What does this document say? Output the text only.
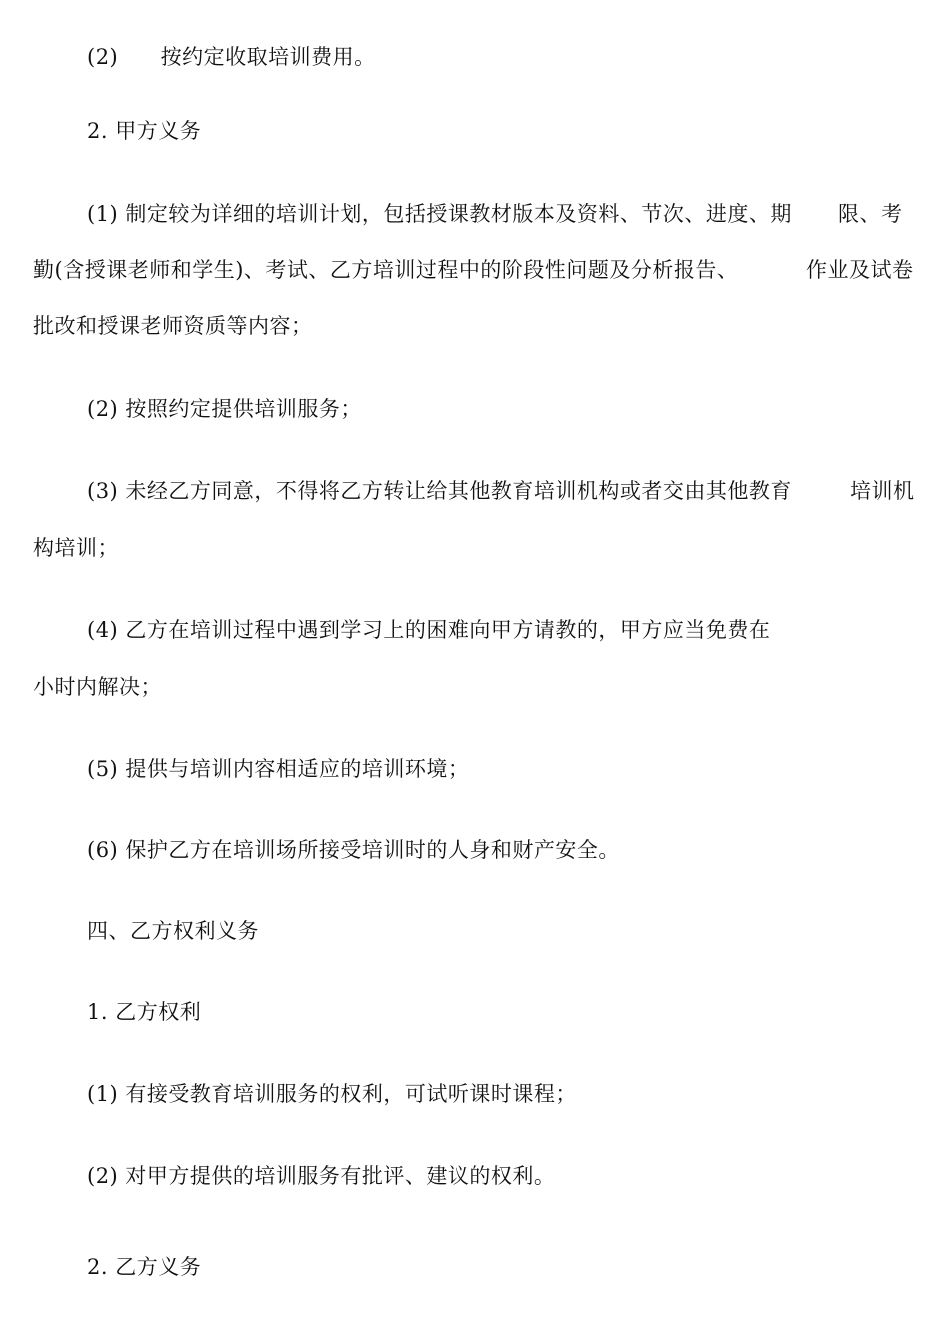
(2) 按约定收取培训费用。
2. 甲方义务
(1) 制定较为详细的培训计划，包括授课教材版本及资料、节次、进度、期	限、考
勤(含授课老师和学生)、考试、乙方培训过程中的阶段性问题及分析报告、	作业及试卷
批改和授课老师资质等内容；
(2) 按照约定提供培训服务；
(3) 未经乙方同意，不得将乙方转让给其他教育培训机构或者交由其他教育	培训机
构培训；
(4) 乙方在培训过程中遇到学习上的困难向甲方请教的，甲方应当免费在
小时内解决；
(5) 提供与培训内容相适应的培训环境；
(6) 保护乙方在培训场所接受培训时的人身和财产安全。
四、乙方权利义务
1. 乙方权利
(1) 有接受教育培训服务的权利，可试听课时课程；
(2) 对甲方提供的培训服务有批评、建议的权利。
2. 乙方义务
